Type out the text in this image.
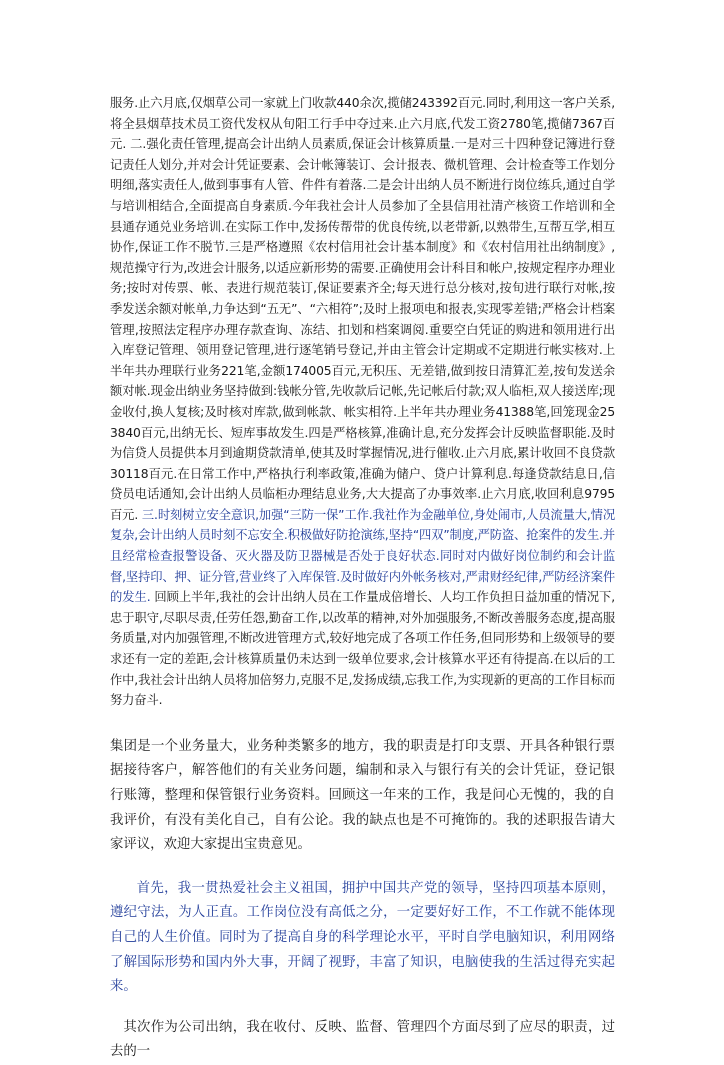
服务.止六月底,仅烟草公司一家就上门收款440余次,揽储243392百元.同时,利用这一客户关系,将全县烟草技术员工资代发权从旬阳工行手中夺过来.止六月底,代发工资2780笔,揽储7367百元. 二.强化责任管理,提高会计出纳人员素质,保证会计核算质量.一是对三十四种登记簿进行登记责任人划分,并对会计凭证要素、会计帐簿装订、会计报表、微机管理、会计检查等工作划分明细,落实责任人,做到事事有人管、件件有着落.二是会计出纳人员不断进行岗位练兵,通过自学与培训相结合,全面提高自身素质.今年我社会计人员参加了全县信用社清产核资工作培训和全县通存通兑业务培训.在实际工作中,发扬传帮带的优良传统,以老带新,以熟带生,互帮互学,相互协作,保证工作不脱节.三是严格遵照《农村信用社会计基本制度》和《农村信用社出纳制度》,规范操守行为,改进会计服务,以适应新形势的需要.正确使用会计科目和帐户,按规定程序办理业务;按时对传票、帐、表进行规范装订,保证要素齐全;每天进行总分核对,按旬进行联行对帐,按季发送余额对帐单,力争达到“五无”、“六相符”;及时上报项电和报表,实现零差错;严格会计档案管理,按照法定程序办理存款查询、冻结、扣划和档案调阅.重要空白凭证的购进和领用进行出入库登记管理、领用登记管理,进行逐笔销号登记,并由主管会计定期或不定期进行帐实核对.上半年共办理联行业务221笔,金额174005百元,无积压、无差错,做到按日清算汇差,按旬发送余额对帐.现金出纳业务坚持做到:钱帐分管,先收款后记帐,先记帐后付款;双人临柜,双人接送库;现金收付,换人复核;及时核对库款,做到帐款、帐实相符.上半年共办理业务41388笔,回笼现金253840百元,出纳无长、短库事故发生.四是严格核算,准确计息,充分发挥会计反映监督职能.及时为信贷人员提供本月到逾期贷款清单,使其及时掌握情况,进行催收.止六月底,累计收回不良贷款30118百元.在日常工作中,严格执行利率政策,准确为储户、贷户计算利息.每逢贷款结息日,信贷员电话通知,会计出纳人员临柜办理结息业务,大大提高了办事效率.止六月底,收回利息9795百元. 三.时刻树立安全意识,加强“三防一保”工作.我社作为金融单位,身处闹市,人员流量大,情况复杂,会计出纳人员时刻不忘安全.积极做好防抢演练,坚持“四双”制度,严防盗、抢案件的发生.并且经常检查报警设备、灭火器及防卫器械是否处于良好状态.同时对内做好岗位制约和会计监督,坚持印、押、证分管,营业终了入库保管.及时做好内外帐务核对,严肃财经纪律,严防经济案件的发生. 回顾上半年,我社的会计出纳人员在工作量成倍增长、人均工作负担日益加重的情况下,忠于职守,尽职尽责,任劳任怨,勤奋工作,以改革的精神,对外加强服务,不断改善服务态度,提高服务质量,对内加强管理,不断改进管理方式,较好地完成了各项工作任务,但同形势和上级领导的要求还有一定的差距,会计核算质量仍未达到一级单位要求,会计核算水平还有待提高.在以后的工作中,我社会计出纳人员将加倍努力,克服不足,发扬成绩,忘我工作,为实现新的更高的工作目标而努力奋斗.

集团是一个业务量大，业务种类繁多的地方，我的职责是打印支票、开具各种银行票据接待客户，解答他们的有关业务问题，编制和录入与银行有关的会计凭证，登记银行账簿，整理和保管银行业务资料。回顾这一年来的工作，我是问心无愧的，我的自我评价，有没有美化自己，自有公论。我的缺点也是不可掩饰的。我的述职报告请大家评议，欢迎大家提出宝贵意见。

首先，我一贯热爱社会主义祖国，拥护中国共产党的领导，坚持四项基本原则，遵纪守法，为人正直。工作岗位没有高低之分，一定要好好工作，不工作就不能体现自己的人生价值。同时为了提高自身的科学理论水平，平时自学电脑知识，利用网络了解国际形势和国内外大事，开阔了视野，丰富了知识，电脑使我的生活过得充实起来。

其次作为公司出纳，我在收付、反映、监督、管理四个方面尽到了应尽的职责，过去的一
